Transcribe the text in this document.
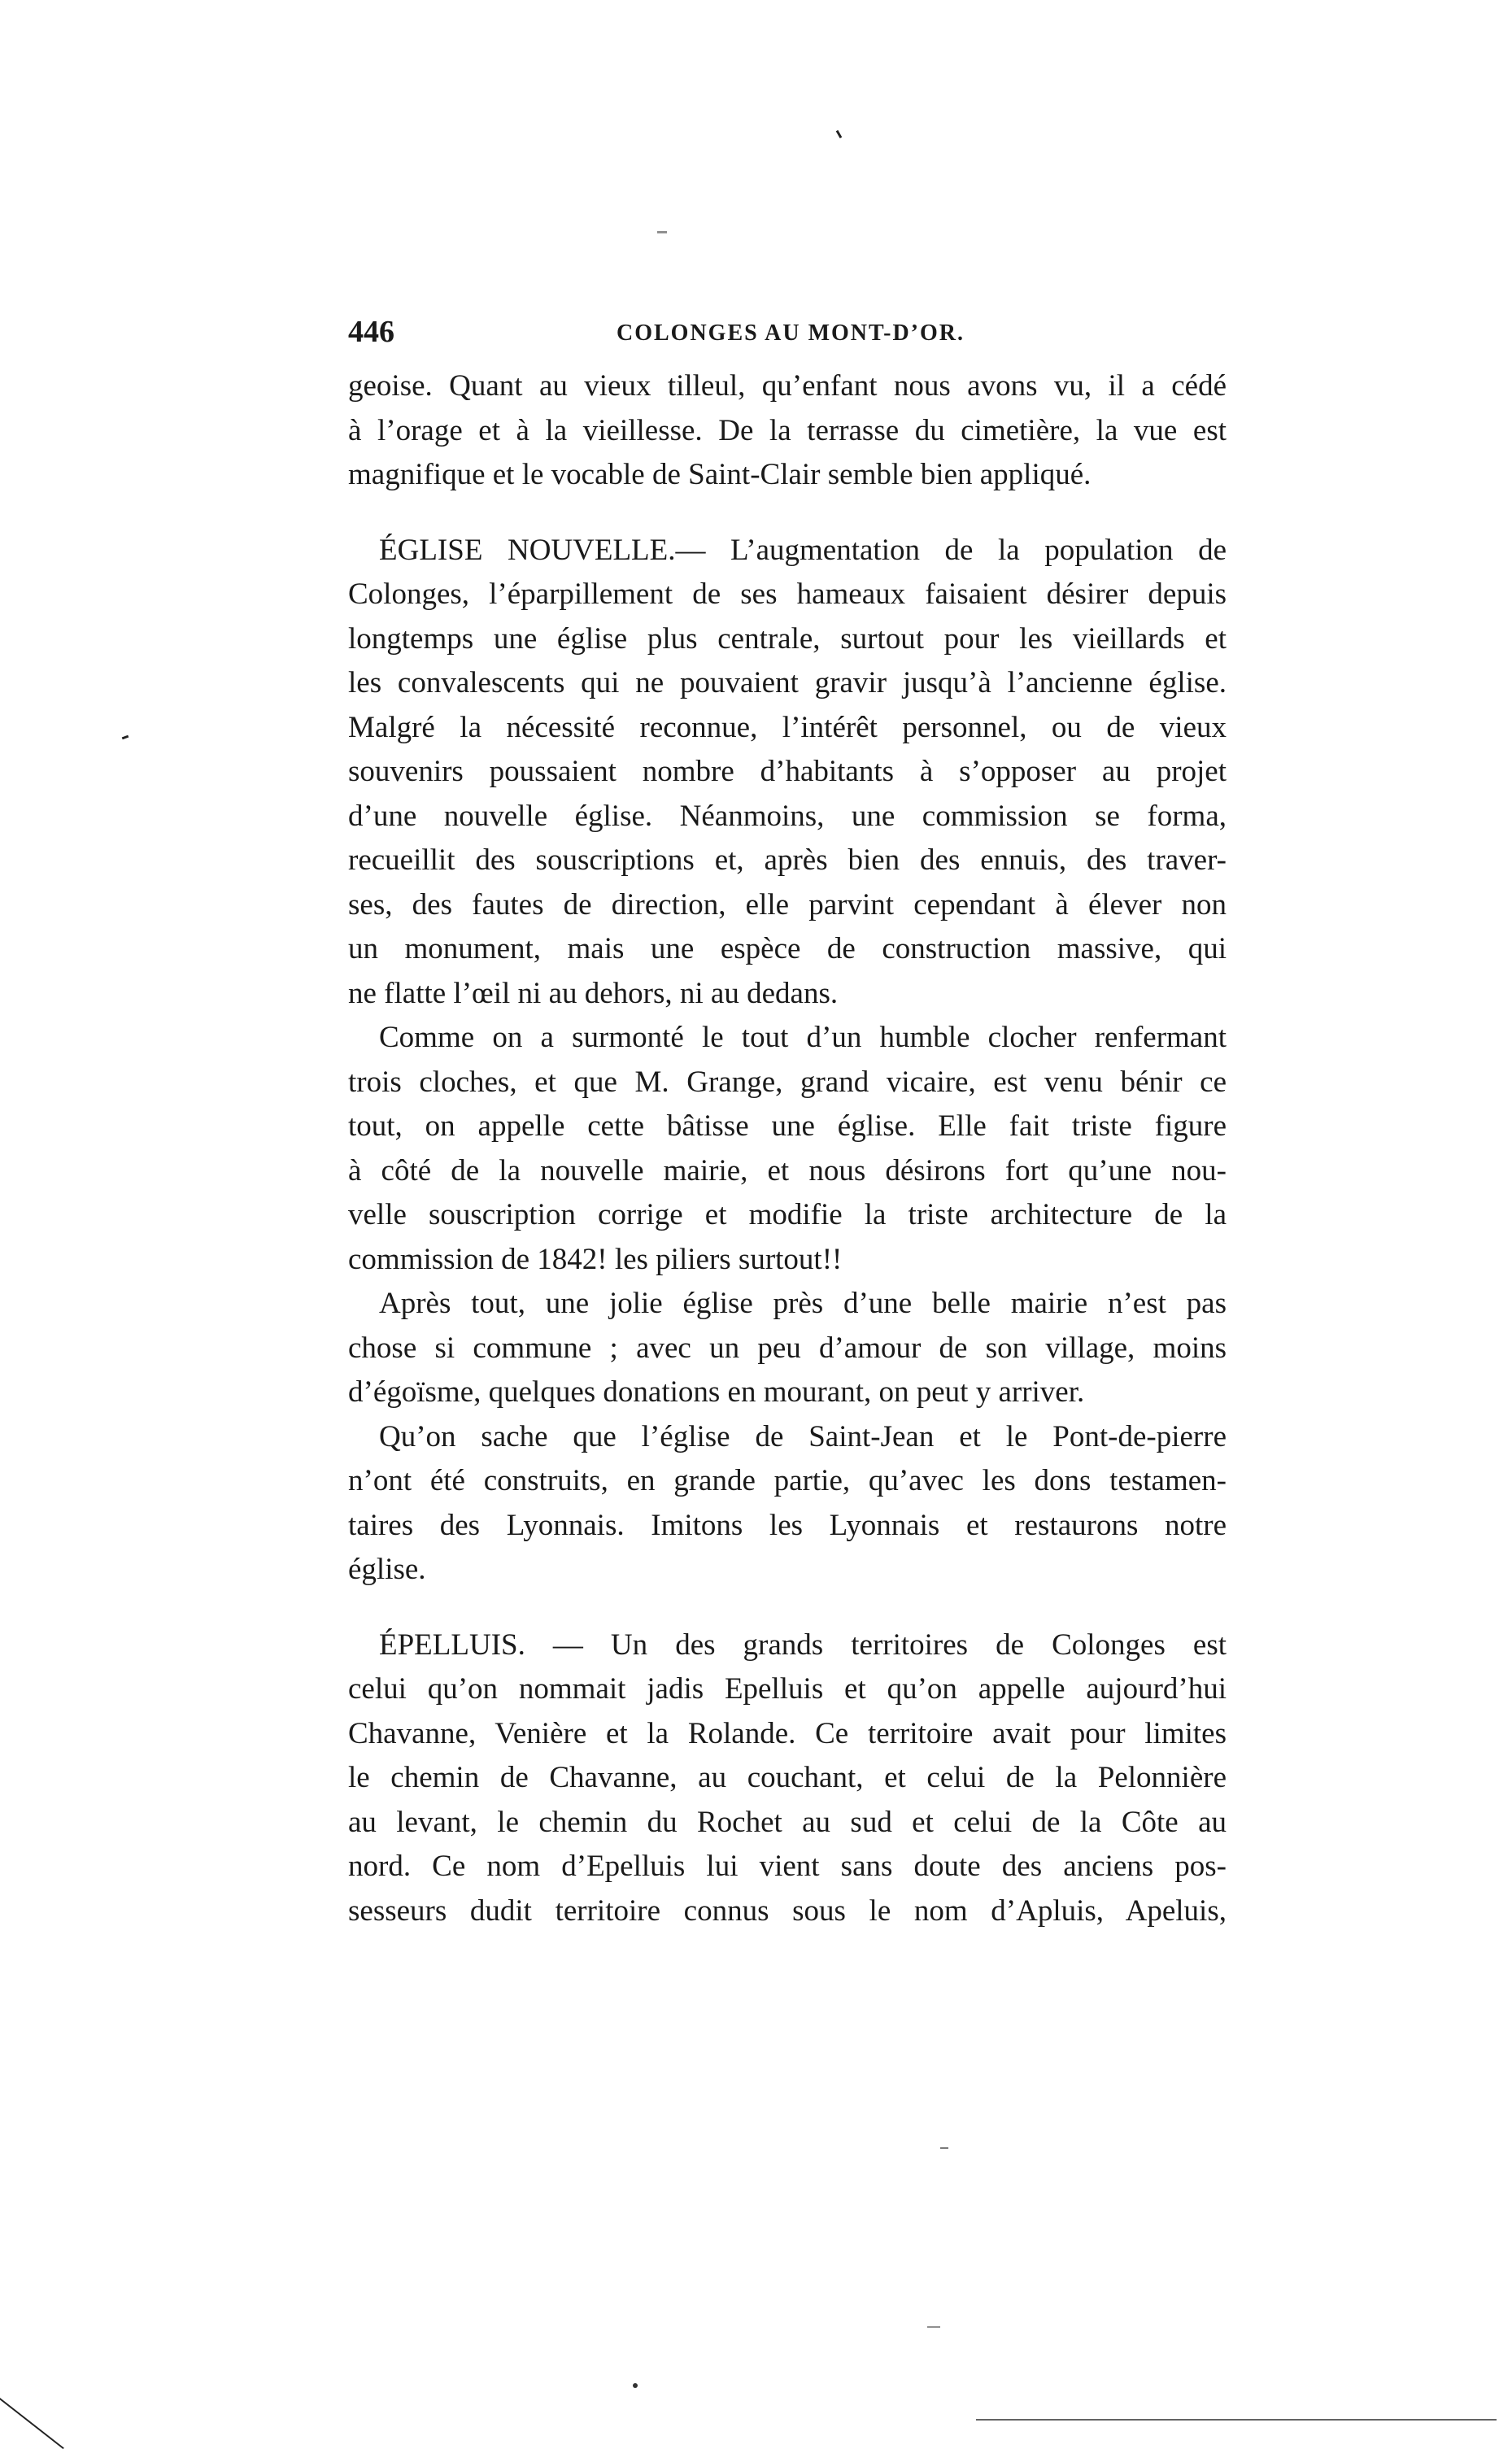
446	COLONGES AU MONT-D’OR.
geoise. Quant au vieux tilleul, qu’enfant nous avons vu, il a cédé
à l’orage et à la vieillesse. De la terrasse du cimetière, la vue est
magnifique et le vocable de Saint-Clair semble bien appliqué.
ÉGLISE NOUVELLE.— L’augmentation de la population de
Colonges, l’éparpillement de ses hameaux faisaient désirer depuis
longtemps une église plus centrale, surtout pour les vieillards et
les convalescents qui ne pouvaient gravir jusqu’à l’ancienne église.
Malgré la nécessité reconnue, l’intérêt personnel, ou de vieux
souvenirs poussaient nombre d’habitants à s’opposer au projet
d’une nouvelle église. Néanmoins, une commission se forma,
recueillit des souscriptions et, après bien des ennuis, des traver-
ses, des fautes de direction, elle parvint cependant à élever non
un monument, mais une espèce de construction massive, qui
ne flatte l’œil ni au dehors, ni au dedans.
Comme on a surmonté le tout d’un humble clocher renfermant
trois cloches, et que M. Grange, grand vicaire, est venu bénir ce
tout, on appelle cette bâtisse une église. Elle fait triste figure
à côté de la nouvelle mairie, et nous désirons fort qu’une nou-
velle souscription corrige et modifie la triste architecture de la
commission de 1842! les piliers surtout!!
Après tout, une jolie église près d’une belle mairie n’est pas
chose si commune ; avec un peu d’amour de son village, moins
d’égoïsme, quelques donations en mourant, on peut y arriver.
Qu’on sache que l’église de Saint-Jean et le Pont-de-pierre
n’ont été construits, en grande partie, qu’avec les dons testamen-
taires des Lyonnais. Imitons les Lyonnais et restaurons notre
église.
ÉPELLUIS. — Un des grands territoires de Colonges est
celui qu’on nommait jadis Epelluis et qu’on appelle aujourd’hui
Chavanne, Venière et la Rolande. Ce territoire avait pour limites
le chemin de Chavanne, au couchant, et celui de la Pelonnière
au levant, le chemin du Rochet au sud et celui de la Côte au
nord. Ce nom d’Epelluis lui vient sans doute des anciens pos-
sesseurs dudit territoire connus sous le nom d’Apluis, Apeluis,
